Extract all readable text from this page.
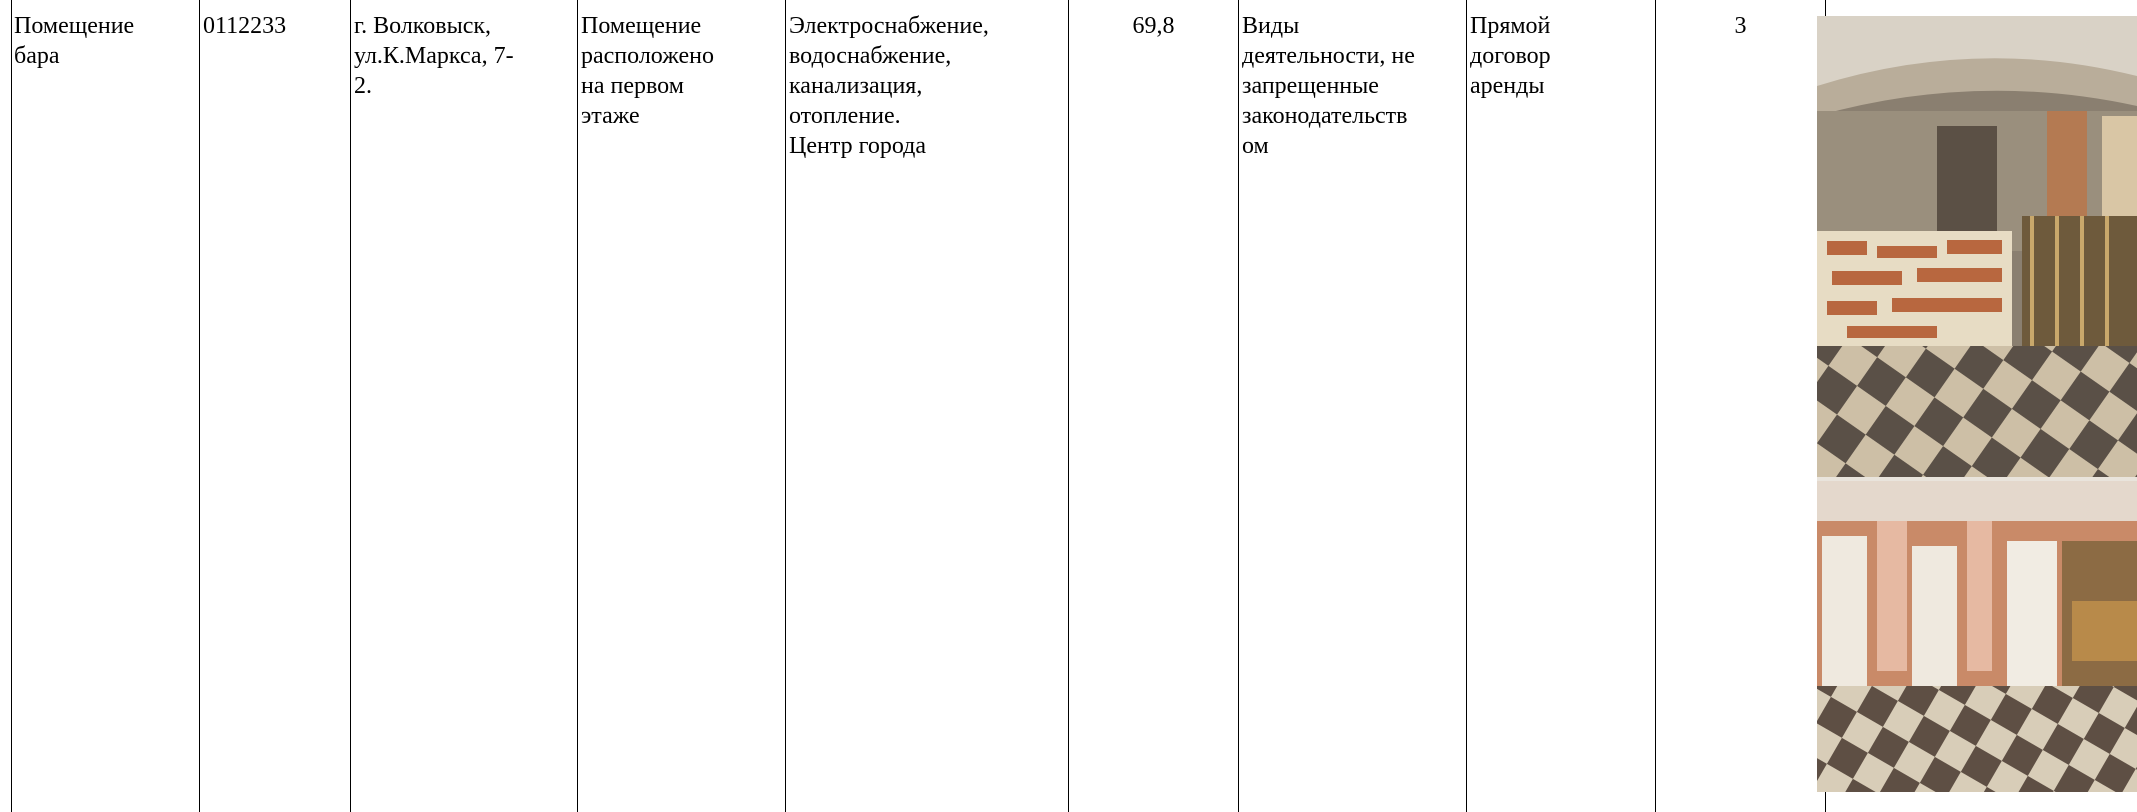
Помещение
бара
0112233	г. Волковыск,
ул.К.Маркса, 7-
2.
Помещение
расположено
на первом
этаже
Электроснабжение,
водоснабжение,
канализация,
отопление.
Центр города
69,8	Виды
деятельности, не
запрещенные
законодательств
ом
Прямой
договор
аренды
3
